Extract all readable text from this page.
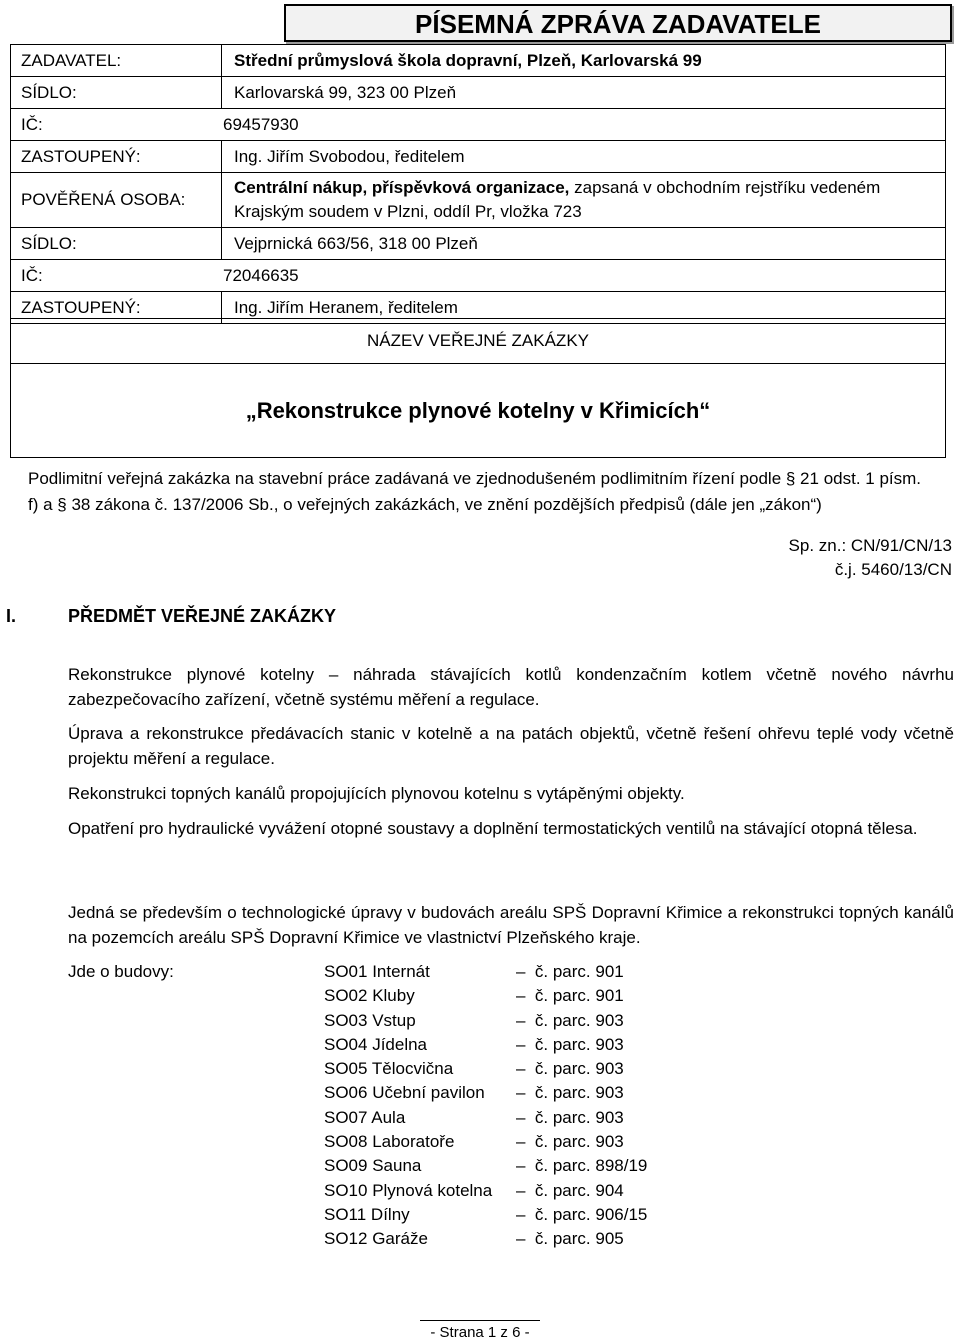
PÍSEMNÁ ZPRÁVA ZADAVATELE
ZADAVATEL:	Střední průmyslová škola dopravní, Plzeň, Karlovarská 99
SÍDLO:	Karlovarská 99, 323 00 Plzeň
IČ:	69457930
ZASTOUPENÝ:	Ing. Jiřím Svobodou, ředitelem
POVĚŘENÁ OSOBA:
Centrální nákup, příspěvková organizace, zapsaná v obchodním rejstříku vedeném
Krajským soudem v Plzni, oddíl Pr, vložka 723
SÍDLO:	Vejprnická 663/56, 318 00 Plzeň
IČ:	72046635
ZASTOUPENÝ:	Ing. Jiřím Heranem, ředitelem
NÁZEV VEŘEJNÉ ZAKÁZKY
„Rekonstrukce plynové kotelny v Křimicích“
Podlimitní veřejná zakázka na stavební práce zadávaná ve zjednodušeném podlimitním řízení podle § 21 odst. 1 písm. f) a § 38 zákona č. 137/2006 Sb., o veřejných zakázkách, ve znění pozdějších předpisů (dále jen „zákon“)
Sp. zn.: CN/91/CN/13
č.j. 5460/13/CN
I.	PŘEDMĚT VEŘEJNÉ ZAKÁZKY
Rekonstrukce plynové kotelny – náhrada stávajících kotlů kondenzačním kotlem včetně nového návrhu zabezpečovacího zařízení, včetně systému měření a regulace.
Úprava a rekonstrukce předávacích stanic v kotelně a na patách objektů, včetně řešení ohřevu teplé vody včetně projektu měření a regulace.
Rekonstrukci topných kanálů propojujících plynovou kotelnu s vytápěnými objekty.
Opatření pro hydraulické vyvážení otopné soustavy a doplnění termostatických ventilů na stávající otopná tělesa.
Jedná se především o technologické úpravy v budovách areálu SPŠ Dopravní Křimice a rekonstrukci topných kanálů na pozemcích areálu SPŠ Dopravní Křimice ve vlastnictví Plzeňského kraje.
Jde o budovy:	SO01 Internát	–  č. parc. 901
SO02 Kluby	–  č. parc. 901
SO03 Vstup	–  č. parc. 903
SO04 Jídelna	–  č. parc. 903
SO05 Tělocvična	–  č. parc. 903
SO06 Učební pavilon	–  č. parc. 903
SO07 Aula	–  č. parc. 903
SO08 Laboratoře	–  č. parc. 903
SO09 Sauna	–  č. parc. 898/19
SO10 Plynová kotelna	–  č. parc. 904
SO11 Dílny	–  č. parc. 906/15
SO12 Garáže	–  č. parc. 905
- Strana 1 z 6 -
